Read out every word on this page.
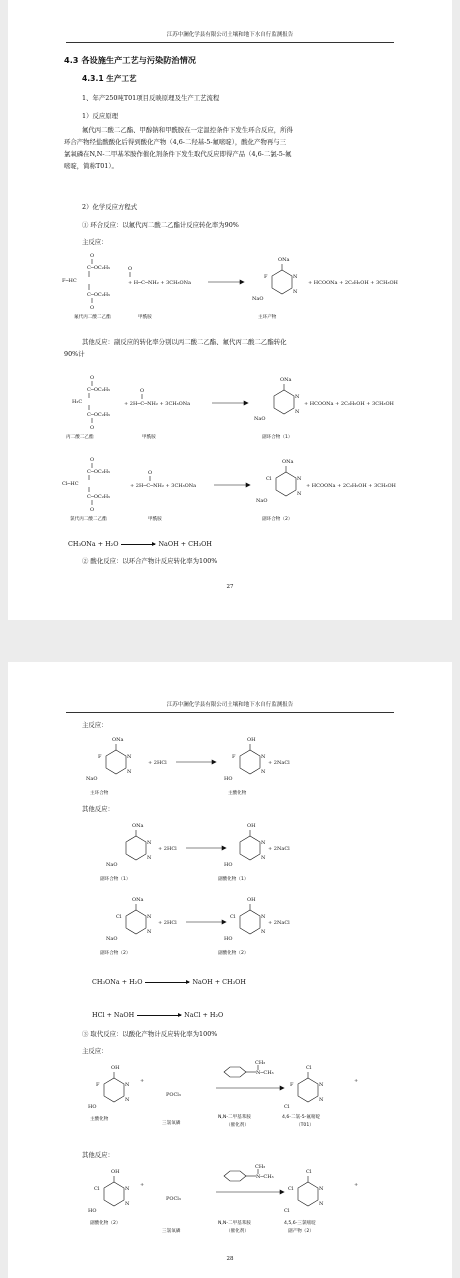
江苏中澜化学县有限公司土壤和地下水自行监测报告
4.3 各设施生产工艺与污染防治情况
4.3.1 生产工艺
1、年产250吨T01项目反映原理及生产工艺流程
1）反应原理
氟代丙二酸二乙酯、甲醇钠和甲酰胺在一定温控条件下发生环合反应，所得
环合产物经盐酸酸化后得到酸化产物（4,6-二羟基-5-氟嘧啶），酸化产物再与三
氯氧磷在N,N-二甲基苯胺作催化剂条件下发生取代反应即得产品（4,6-二氯-5-氟
嘧啶，简称T01）。
2）化学反应方程式
① 环合反应：以氟代丙二酸二乙酯计反应转化率为90%
主反应：
O
C─OC₂H₅
F─HC
C─OC₂H₅
O
O
+ H─C─NH₂ + 3CH₃ONa
ONa
F	N
N
NaO
+ HCOONa + 2C₂H₅OH + 3CH₃OH
氟代丙二酸二乙酯	甲酰胺	主环产物
其他反应：副反应的转化率分别以丙二酸二乙酯、氟代丙二酸二乙酯转化
90%计
O
C─OC₂H₅
H₂C
C─OC₂H₅
O
O
+ 2H─C─NH₂ + 3CH₃ONa
ONa
N
N
NaO
+ HCOONa + 2C₂H₅OH + 3CH₃OH
丙二酸二乙酯	甲酰胺	副环合物（1）
O
C─OC₂H₅
Cl─HC
C─OC₂H₅
O
O
+ 2H─C─NH₂ + 3CH₃ONa
ONa
Cl	N
N
NaO
+ HCOONa + 2C₂H₅OH + 3CH₃OH
氯代丙二酸二乙酯	甲酰胺	副环合物（2）
CH₃ONa + H₂O	NaOH + CH₃OH
② 酸化反应：以环合产物计反应转化率为100%
27
江苏中澜化学县有限公司土壤和地下水自行监测报告
主反应：
ONa
F	N
N
NaO
+ 2HCl
OH
F	N
N
HO
+ 2NaCl
主环合物	主酸化物
其他反应：
ONa
N
N
NaO
+ 2HCl
OH
N
N
HO
+ 2NaCl
副环合物（1）	副酸化物（1）
ONa
Cl	N
N
NaO
+ 2HCl
OH
Cl	N
N
HO
+ 2NaCl
副环合物（2）	副酸化物（2）
CH₃ONa + H₂O	NaOH + CH₃OH
HCl + NaOH	NaCl + H₂O
③ 取代反应：以酸化产物计反应转化率为100%
主反应：
OH
F	N
N
HO
+
POCl₃
N─CH₃
CH₃
Cl
F	N
N
Cl
+
主酸化物
三氯氧磷
N,N-二甲基苯胺
（催化剂）
4,6-二氯-5-氟嘧啶
（T01）
其他反应：
OH
Cl	N
N
HO
+
POCl₃
N─CH₃
CH₃
Cl
Cl	N
N
Cl
+
副酸化物（2）
三氯氧磷
N,N-二甲基苯胺
（催化剂）
4,5,6-三氯嘧啶
副产物（2）
28
